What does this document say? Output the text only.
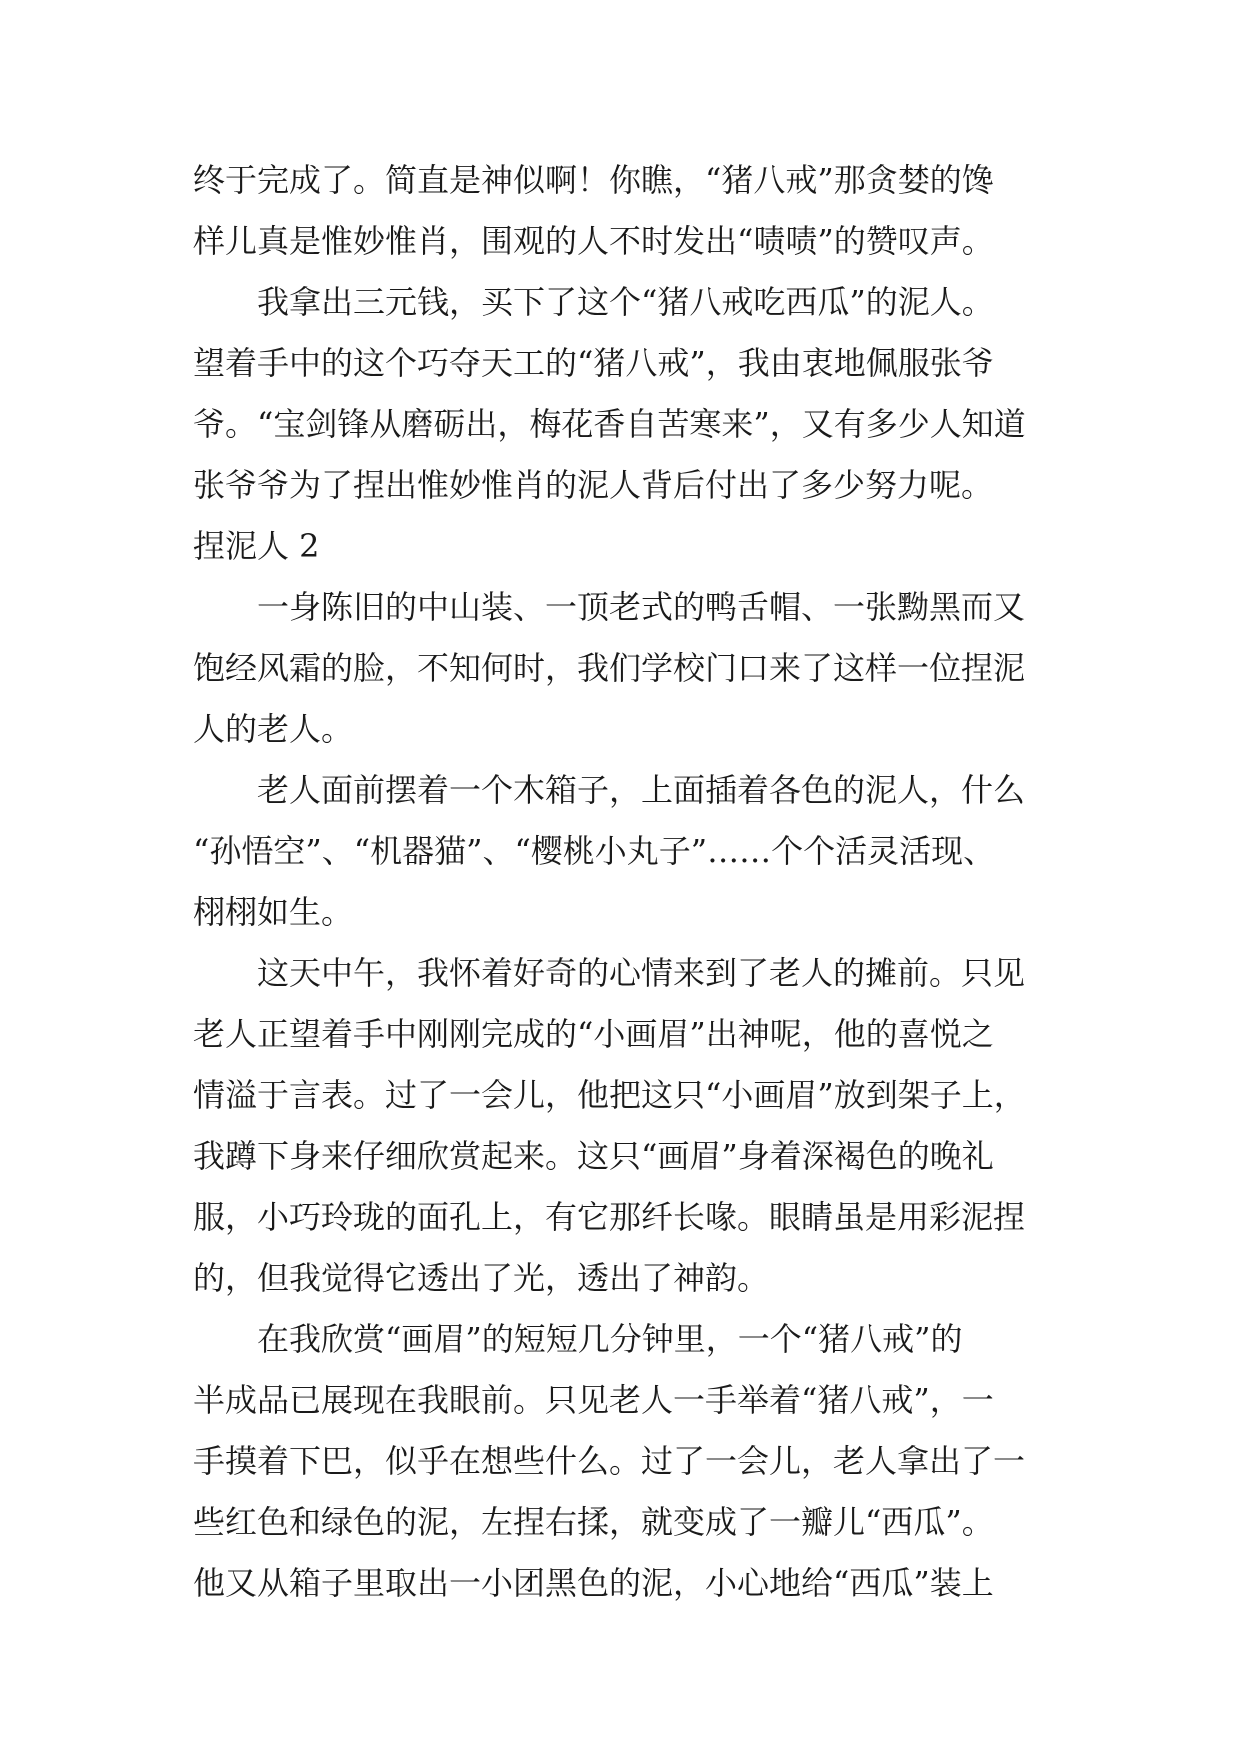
终于完成了。简直是神似啊！你瞧，“猪八戒”那贪婪的馋
样儿真是惟妙惟肖，围观的人不时发出“啧啧”的赞叹声。
我拿出三元钱，买下了这个“猪八戒吃西瓜”的泥人。
望着手中的这个巧夺天工的“猪八戒”，我由衷地佩服张爷
爷。“宝剑锋从磨砺出，梅花香自苦寒来”，又有多少人知道
张爷爷为了捏出惟妙惟肖的泥人背后付出了多少努力呢。
捏泥人 2
一身陈旧的中山装、一顶老式的鸭舌帽、一张黝黑而又
饱经风霜的脸，不知何时，我们学校门口来了这样一位捏泥
人的老人。
老人面前摆着一个木箱子，上面插着各色的泥人，什么
“孙悟空”、“机器猫”、“樱桃小丸子”……个个活灵活现、
栩栩如生。
这天中午，我怀着好奇的心情来到了老人的摊前。只见
老人正望着手中刚刚完成的“小画眉”出神呢，他的喜悦之
情溢于言表。过了一会儿，他把这只“小画眉”放到架子上，
我蹲下身来仔细欣赏起来。这只“画眉”身着深褐色的晚礼
服，小巧玲珑的面孔上，有它那纤长喙。眼睛虽是用彩泥捏
的，但我觉得它透出了光，透出了神韵。
在我欣赏“画眉”的短短几分钟里，一个“猪八戒”的
半成品已展现在我眼前。只见老人一手举着“猪八戒”，一
手摸着下巴，似乎在想些什么。过了一会儿，老人拿出了一
些红色和绿色的泥，左捏右揉，就变成了一瓣儿“西瓜”。
他又从箱子里取出一小团黑色的泥，小心地给“西瓜”装上
